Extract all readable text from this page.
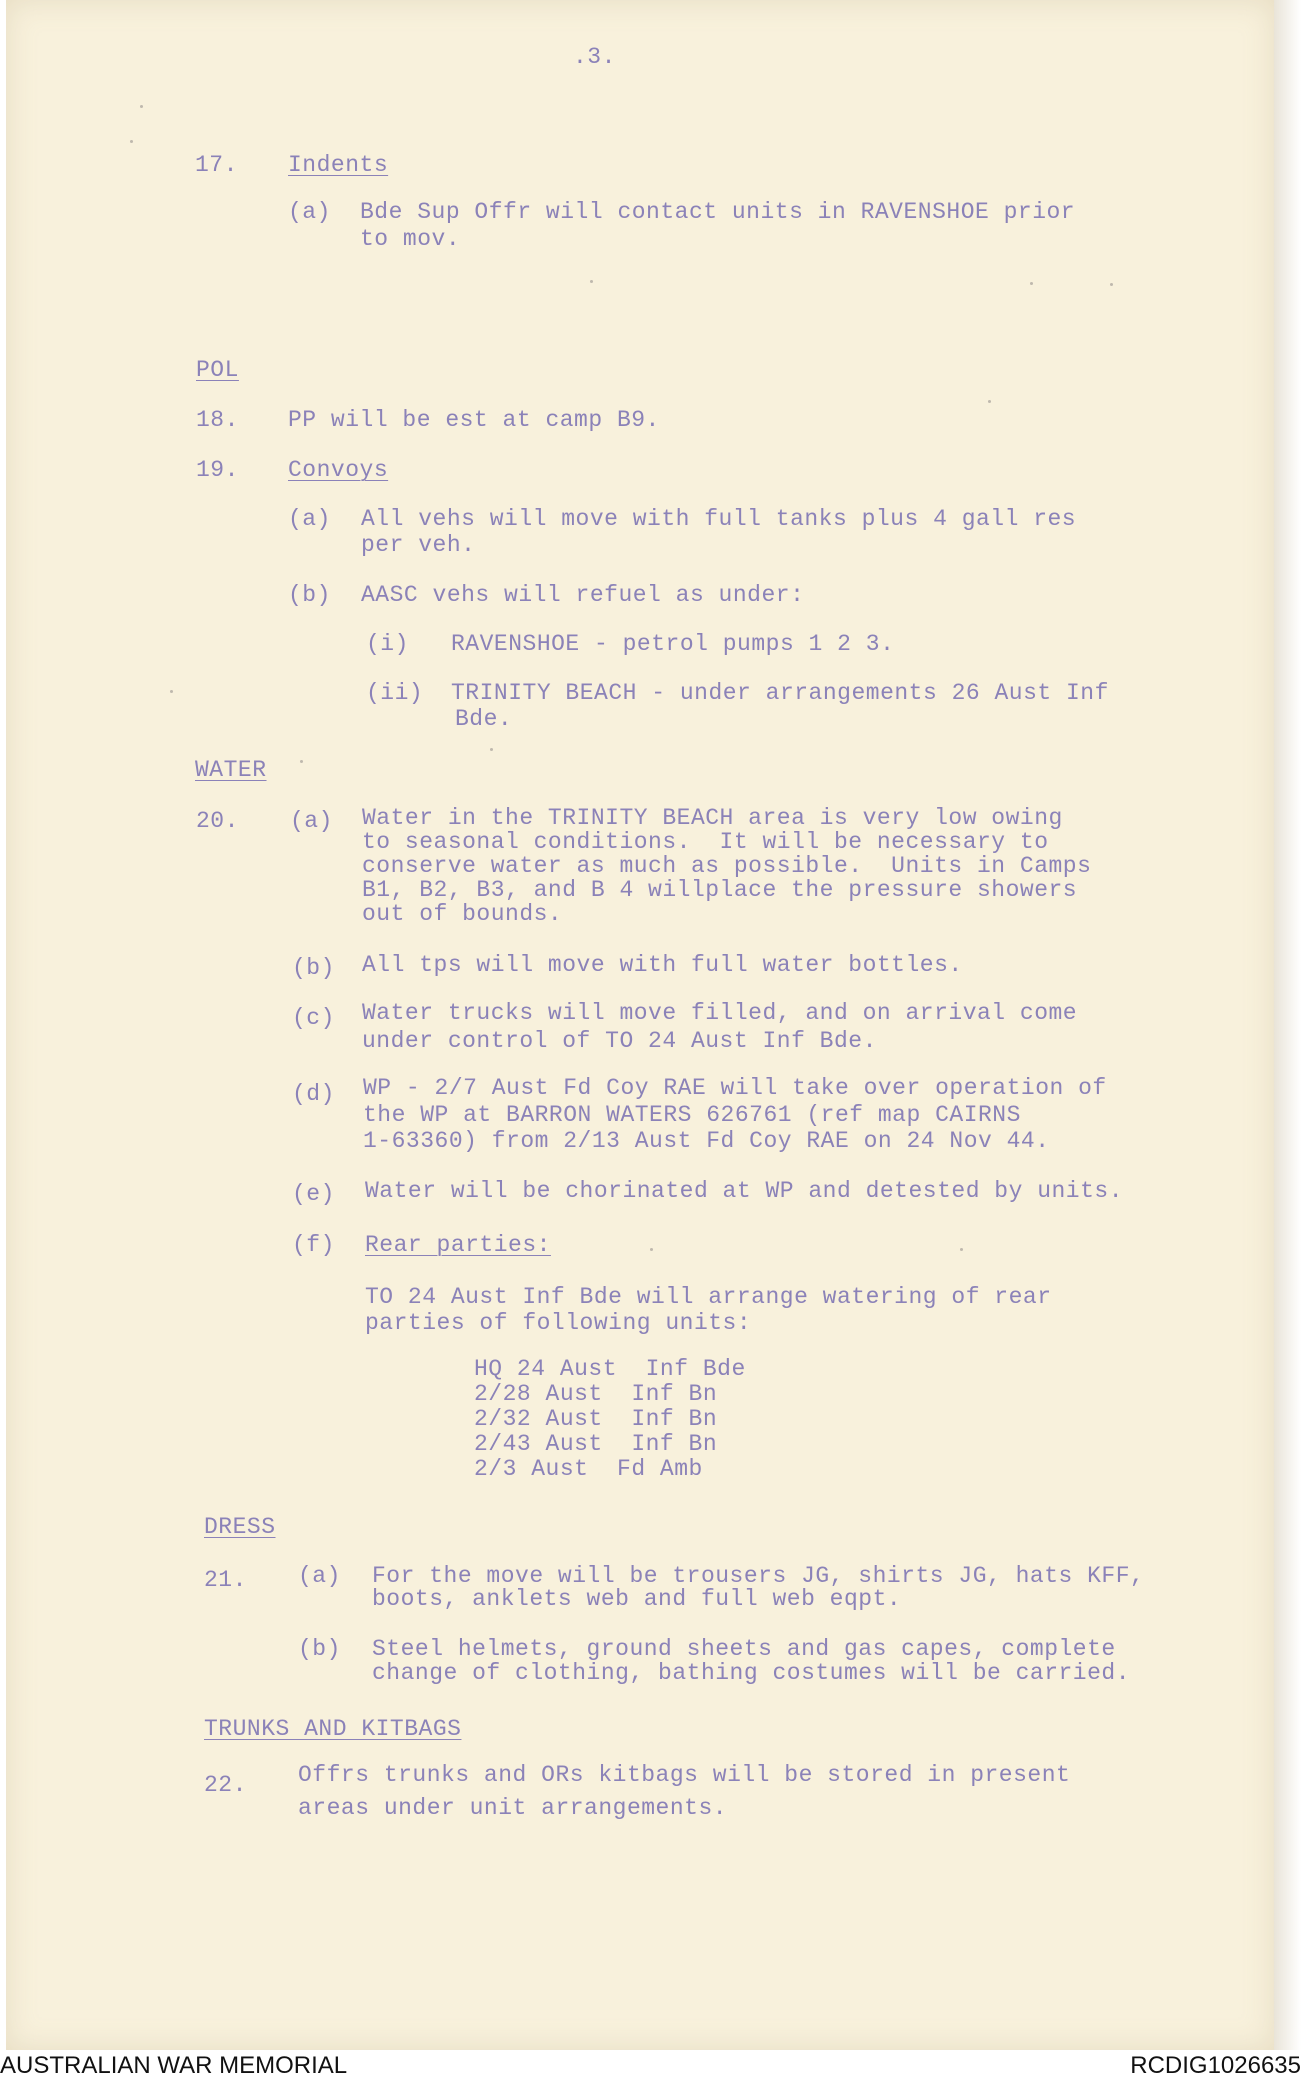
.3.
17. Indents
(a) Bde Sup Offr will contact units in RAVENSHOE prior
to mov.
POL
18. PP will be est at camp B9.
19. Convoys
(a) All vehs will move with full tanks plus 4 gall res
per veh.
(b) AASC vehs will refuel as under:
(i) RAVENSHOE - petrol pumps 1 2 3.
(ii) TRINITY BEACH - under arrangements 26 Aust Inf
Bde.
WATER
20. (a) Water in the TRINITY BEACH area is very low owing
to seasonal conditions.  It will be necessary to
conserve water as much as possible.  Units in Camps
B1, B2, B3, and B 4 willplace the pressure showers
out of bounds.
(b) All tps will move with full water bottles.
(c) Water trucks will move filled, and on arrival come
under control of TO 24 Aust Inf Bde.
(d) WP - 2/7 Aust Fd Coy RAE will take over operation of
the WP at BARRON WATERS 626761 (ref map CAIRNS
1-63360) from 2/13 Aust Fd Coy RAE on 24 Nov 44.
(e) Water will be chorinated at WP and detested by units.
(f) Rear parties:
TO 24 Aust Inf Bde will arrange watering of rear
parties of following units:
HQ 24 Aust  Inf Bde
2/28 Aust  Inf Bn
2/32 Aust  Inf Bn
2/43 Aust  Inf Bn
2/3 Aust  Fd Amb
DRESS
21. (a) For the move will be trousers JG, shirts JG, hats KFF,
boots, anklets web and full web eqpt.
(b) Steel helmets, ground sheets and gas capes, complete
change of clothing, bathing costumes will be carried.
TRUNKS AND KITBAGS
22. Offrs trunks and ORs kitbags will be stored in present
areas under unit arrangements.
AUSTRALIAN WAR MEMORIAL	RCDIG1026635
